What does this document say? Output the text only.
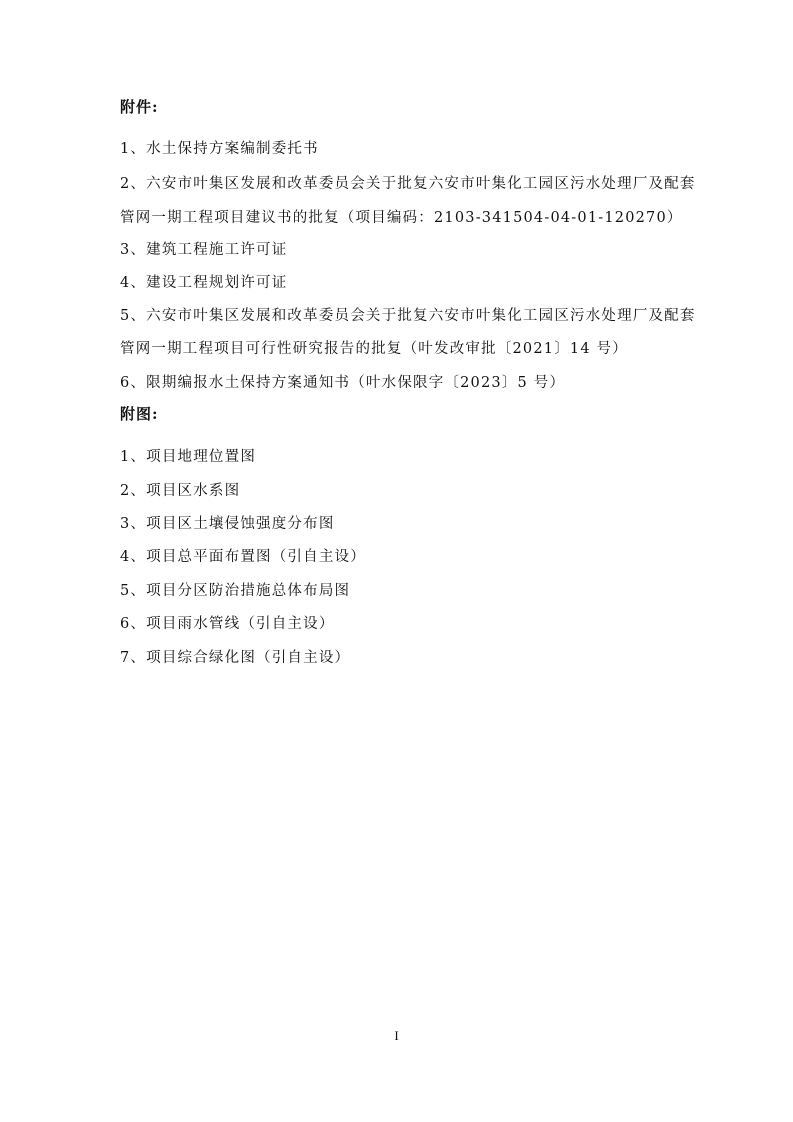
附件:
1、水土保持方案编制委托书
2、六安市叶集区发展和改革委员会关于批复六安市叶集化工园区污水处理厂及配套
管网一期工程项目建议书的批复（项目编码：2103-341504-04-01-120270）
3、建筑工程施工许可证
4、建设工程规划许可证
5、六安市叶集区发展和改革委员会关于批复六安市叶集化工园区污水处理厂及配套
管网一期工程项目可行性研究报告的批复（叶发改审批〔2021〕14 号）
6、限期编报水土保持方案通知书（叶水保限字〔2023〕5 号）
附图:
1、项目地理位置图
2、项目区水系图
3、项目区土壤侵蚀强度分布图
4、项目总平面布置图（引自主设）
5、项目分区防治措施总体布局图
6、项目雨水管线（引自主设）
7、项目综合绿化图（引自主设）
I
